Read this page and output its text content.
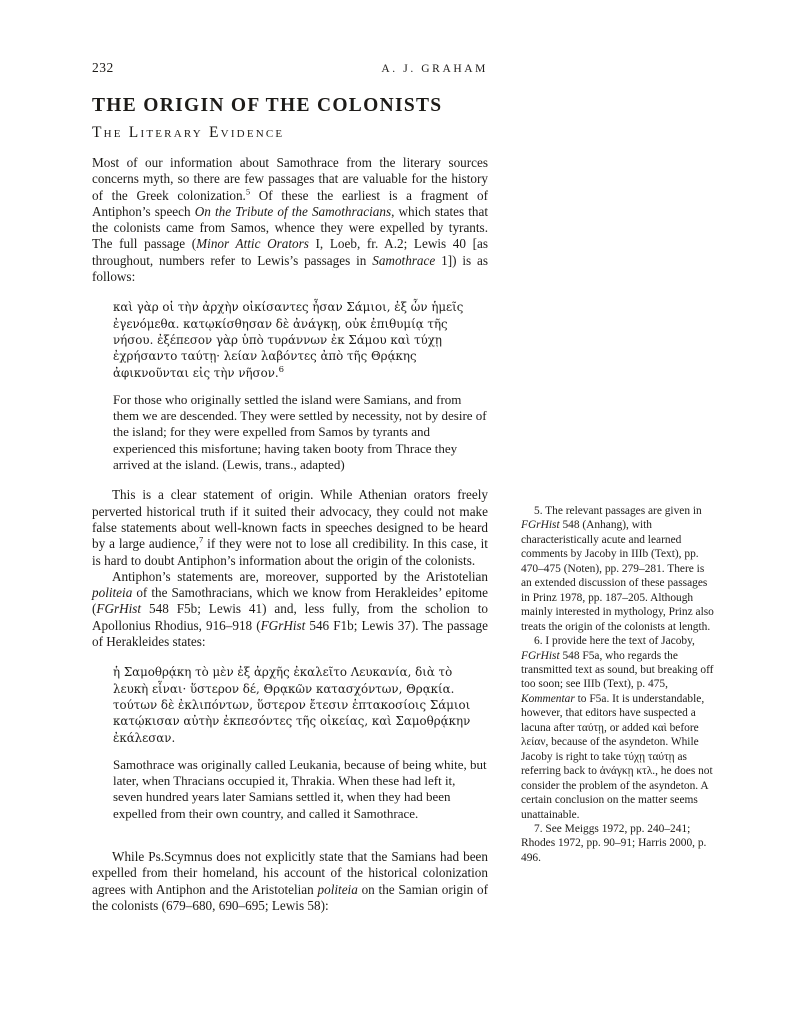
232	A. J. GRAHAM
THE ORIGIN OF THE COLONISTS
The Literary Evidence

Most of our information about Samothrace from the literary sources concerns myth, so there are few passages that are valuable for the history of the Greek colonization.$^5$ Of these the earliest is a fragment of Antiphon’s speech On the Tribute of the Samothracians, which states that the colonists came from Samos, whence they were expelled by tyrants. The full passage (Minor Attic Orators I, Loeb, fr. A.2; Lewis 40 [as throughout, numbers refer to Lewis’s passages in Samothrace 1]) is as follows:

καὶ γὰρ οἱ τὴν ἀρχὴν οἰκίσαντες ἦσαν Σάμιοι, ἐξ ὧν ἡμεῖς ἐγενόμεθα. κατῳκίσθησαν δὲ ἀνάγκῃ, οὐκ ἐπιθυμίᾳ τῆς νήσου. ἐξέπεσον γὰρ ὑπὸ τυράννων ἐκ Σάμου καὶ τύχῃ ἐχρήσαντο ταύτῃ· λείαν λαβόντες ἀπὸ τῆς Θρᾴκης ἀφικνοῦνται εἰς τὴν νῆσον.$^6$
For those who originally settled the island were Samians, and from them we are descended. They were settled by necessity, not by desire of the island; for they were expelled from Samos by tyrants and experienced this misfortune; having taken booty from Thrace they arrived at the island. (Lewis, trans., adapted)

This is a clear statement of origin. While Athenian orators freely perverted historical truth if it suited their advocacy, they could not make false statements about well-known facts in speeches designed to be heard by a large audience,$^7$ if they were not to lose all credibility. In this case, it is hard to doubt Antiphon’s information about the origin of the colonists.

Antiphon’s statements are, moreover, supported by the Aristotelian politeia of the Samothracians, which we know from Herakleides’ epitome (FGrHist 548 F5b; Lewis 41) and, less fully, from the scholion to Apollonius Rhodius, 916–918 (FGrHist 546 F1b; Lewis 37). The passage of Herakleides states:

ἡ Σαμοθρᾴκη τὸ μὲν ἐξ ἀρχῆς ἐκαλεῖτο Λευκανία, διὰ τὸ λευκὴ εἶναι· ὕστερον δέ, Θρᾳκῶν κατασχόντων, Θρᾳκία. τούτων δὲ ἐκλιπόντων, ὕστερον ἔτεσιν ἑπτακοσίοις Σάμιοι κατῴκισαν αὐτὴν ἐκπεσόντες τῆς οἰκείας, καὶ Σαμοθρᾴκην ἐκάλεσαν.
Samothrace was originally called Leukania, because of being white, but later, when Thracians occupied it, Thrakia. When these had left it, seven hundred years later Samians settled it, when they had been expelled from their own country, and called it Samothrace.

While Ps.Scymnus does not explicitly state that the Samians had been expelled from their homeland, his account of the historical colonization agrees with Antiphon and the Aristotelian politeia on the Samian origin of the colonists (679–680, 690–695; Lewis 58):

5. The relevant passages are given in FGrHist 548 (Anhang), with characteristically acute and learned comments by Jacoby in IIIb (Text), pp. 470–475 (Noten), pp. 279–281. There is an extended discussion of these passages in Prinz 1978, pp. 187–205. Although mainly interested in mythology, Prinz also treats the origin of the colonists at length.

6. I provide here the text of Jacoby, FGrHist 548 F5a, who regards the transmitted text as sound, but breaking off too soon; see IIIb (Text), p. 475, Kommentar to F5a. It is understandable, however, that editors have suspected a lacuna after ταύτῃ, or added καὶ before λείαν, because of the asyndeton. While Jacoby is right to take τύχῃ ταύτῃ as referring back to ἀνάγκῃ κτλ., he does not consider the problem of the asyndeton. A certain conclusion on the matter seems unattainable.

7. See Meiggs 1972, pp. 240–241; Rhodes 1972, pp. 90–91; Harris 2000, p. 496.
